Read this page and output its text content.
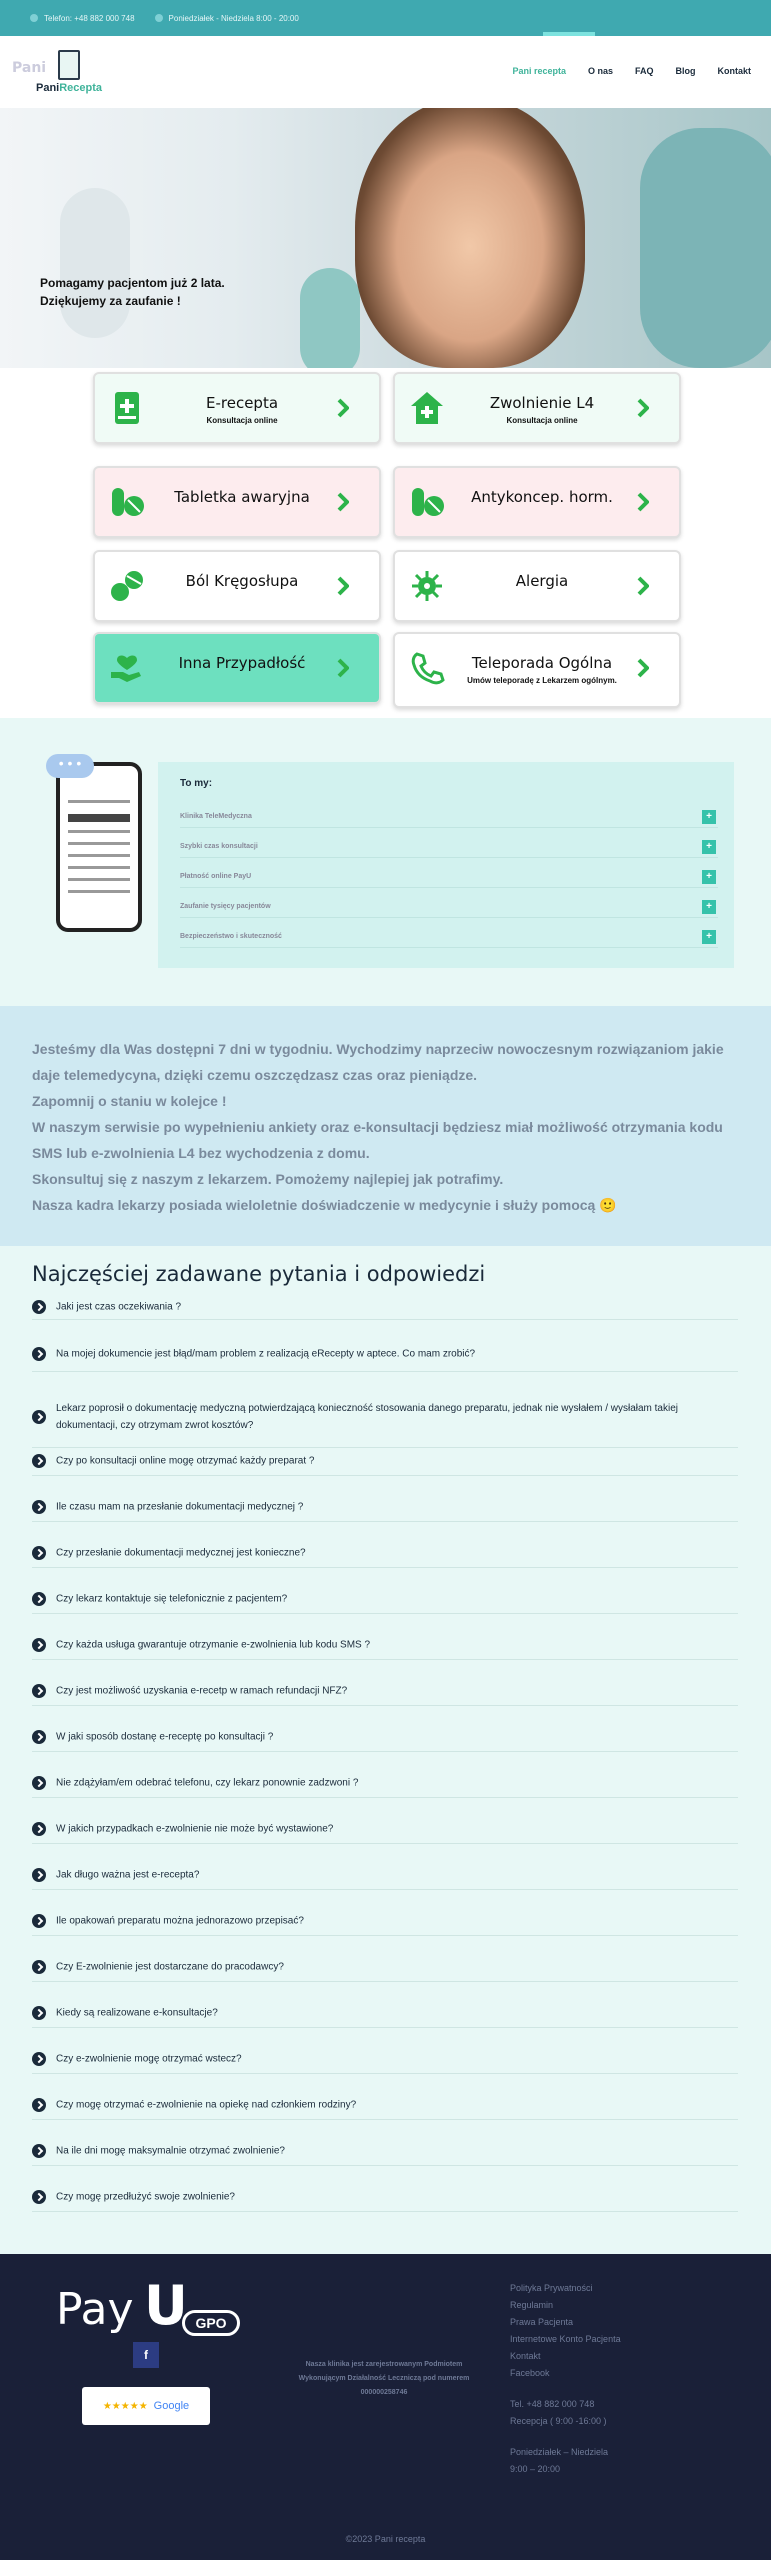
Telefon: +48 882 000 748	Poniedziałek - Niedziela 8:00 - 20:00
Pani
PaniRecepta
Pani recepta O nas FAQ Blog Kontakt
Pomagamy pacjentom już 2 lata.
Dziękujemy za zaufanie !
E-recepta
Konsultacja online
Zwolnienie L4
Konsultacja online
Tabletka awaryjna	Antykoncep. horm.
Ból Kręgosłupa	Alergia
Inna Przypadłość	Teleporada Ogólna
Umów teleporadę z Lekarzem ogólnym.
• • •
To my:
Klinika TeleMedyczna	+
Szybki czas konsultacji	+
Płatność online PayU	+
Zaufanie tysięcy pacjentów	+
Bezpieczeństwo i skuteczność	+
Jesteśmy dla Was dostępni 7 dni w tygodniu. Wychodzimy naprzeciw nowoczesnym rozwiązaniom jakie daje telemedycyna, dzięki czemu oszczędzasz czas oraz pieniądze.
Zapomnij o staniu w kolejce !
W naszym serwisie po wypełnieniu ankiety oraz e-konsultacji będziesz miał możliwość otrzymania kodu SMS lub e-zwolnienia L4 bez wychodzenia z domu.
Skonsultuj się z naszym z lekarzem. Pomożemy najlepiej jak potrafimy.
Nasza kadra lekarzy posiada wieloletnie doświadczenie w medycynie i służy pomocą 🙂
Najczęściej zadawane pytania i odpowiedzi
Jaki jest czas oczekiwania ?
Na mojej dokumencie jest błąd/mam problem z realizacją eRecepty w aptece. Co mam zrobić?
Lekarz poprosił o dokumentację medyczną potwierdzającą konieczność stosowania danego preparatu, jednak nie wysłałem / wysłałam takiej dokumentacji, czy otrzymam zwrot kosztów?
Czy po konsultacji online mogę otrzymać każdy preparat ?
Ile czasu mam na przesłanie dokumentacji medycznej ?
Czy przesłanie dokumentacji medycznej jest konieczne?
Czy lekarz kontaktuje się telefonicznie z pacjentem?
Czy każda usługa gwarantuje otrzymanie e-zwolnienia lub kodu SMS ?
Czy jest możliwość uzyskania e-recetp w ramach refundacji NFZ?
W jaki sposób dostanę e-receptę po konsultacji ?
Nie zdążyłam/em odebrać telefonu, czy lekarz ponownie zadzwoni ?
W jakich przypadkach e-zwolnienie nie może być wystawione?
Jak długo ważna jest e-recepta?
Ile opakowań preparatu można jednorazowo przepisać?
Czy E-zwolnienie jest dostarczane do pracodawcy?
Kiedy są realizowane e-konsultacje?
Czy e-zwolnienie mogę otrzymać wstecz?
Czy mogę otrzymać e-zwolnienie na opiekę nad członkiem rodziny?
Na ile dni mogę maksymalnie otrzymać zwolnienie?
Czy mogę przedłużyć swoje zwolnienie?
Pay U GPO
f
★★★★★ Google
Nasza klinika jest zarejestrowanym Podmiotem
Wykonującym Działalność Leczniczą pod numerem
000000258746
Polityka Prywatności
Regulamin
Prawa Pacjenta
Internetowe Konto Pacjenta
Kontakt
Facebook
Tel. +48 882 000 748
Recepcja ( 9:00 -16:00 )
Poniedziałek – Niedziela
9:00 – 20:00
©2023 Pani recepta
